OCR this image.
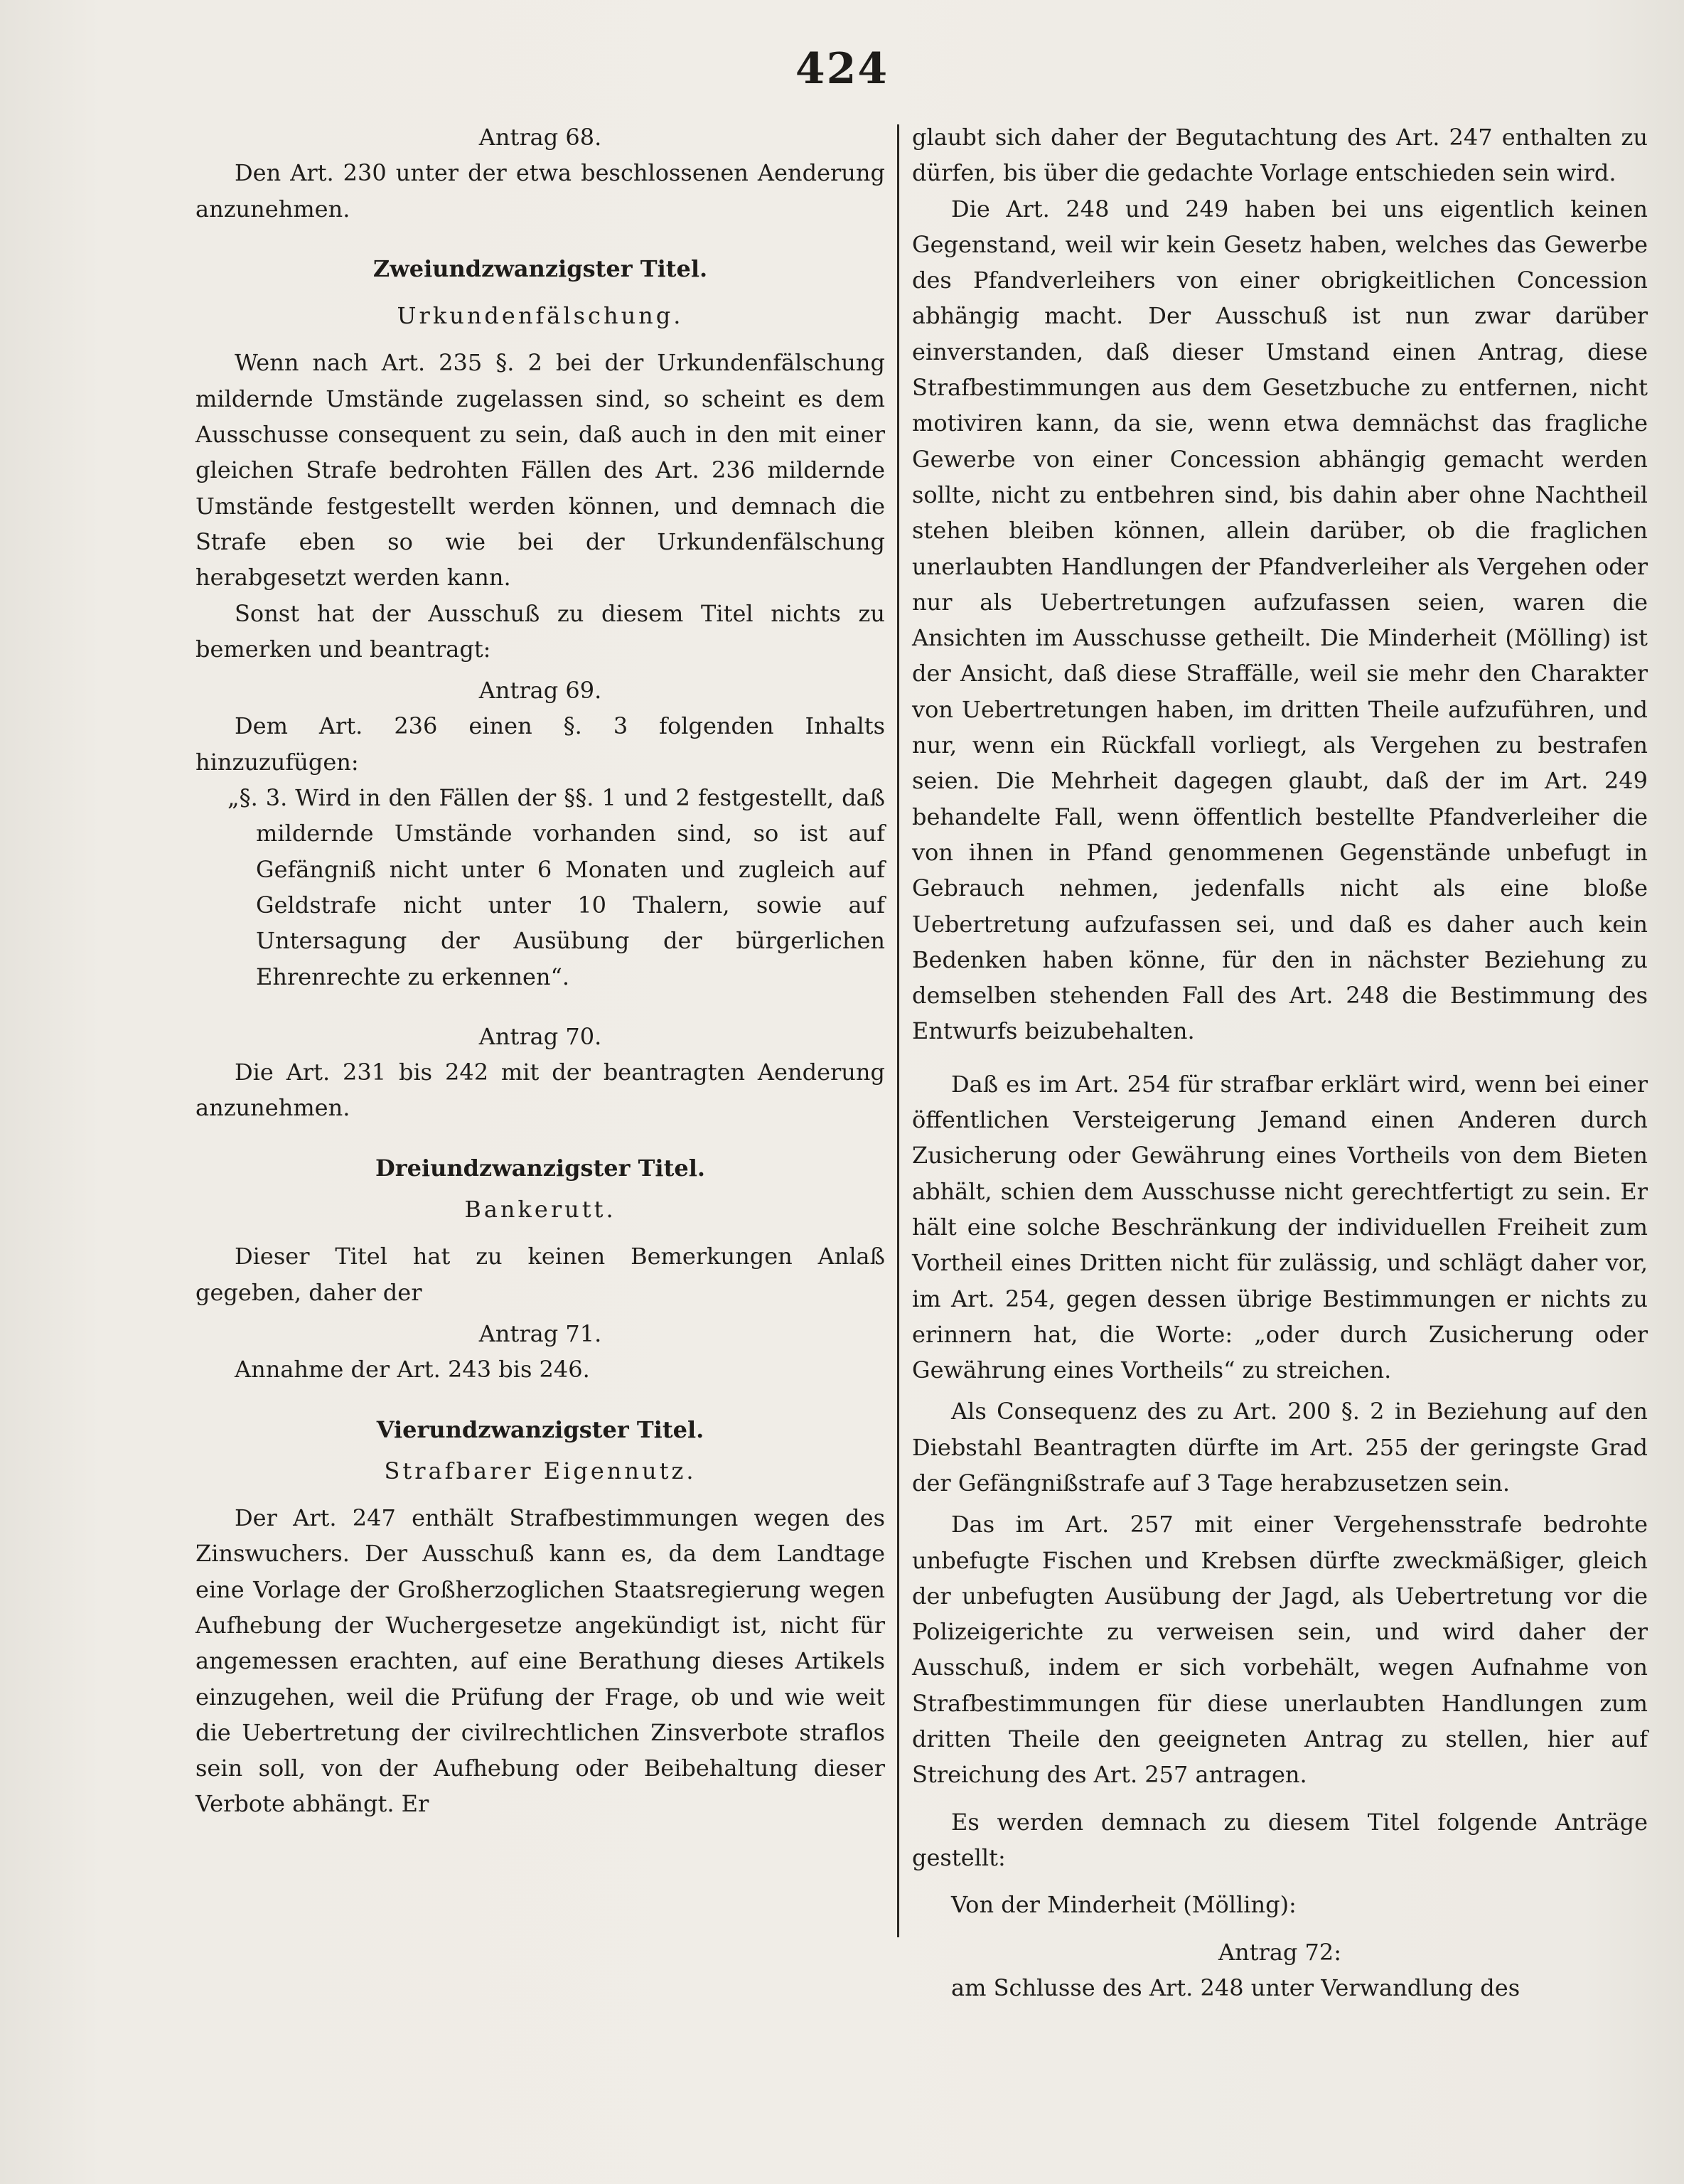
424

Antrag 68.

Den Art. 230 unter der etwa beschlossenen Aenderung anzunehmen.

Zweiundzwanzigster Titel.

Urkundenfälschung.

Wenn nach Art. 235 §. 2 bei der Urkundenfälschung mildernde Umstände zugelassen sind, so scheint es dem Ausschusse consequent zu sein, daß auch in den mit einer gleichen Strafe bedrohten Fällen des Art. 236 mildernde Umstände festgestellt werden können, und demnach die Strafe eben so wie bei der Urkundenfälschung herabgesetzt werden kann.

Sonst hat der Ausschuß zu diesem Titel nichts zu bemerken und beantragt:

Antrag 69.

Dem Art. 236 einen §. 3 folgenden Inhalts hinzuzufügen:

„§. 3. Wird in den Fällen der §§. 1 und 2 festgestellt, daß mildernde Umstände vorhanden sind, so ist auf Gefängniß nicht unter 6 Monaten und zugleich auf Geldstrafe nicht unter 10 Thalern, sowie auf Untersagung der Ausübung der bürgerlichen Ehrenrechte zu erkennen“.

Antrag 70.

Die Art. 231 bis 242 mit der beantragten Aenderung anzunehmen.

Dreiundzwanzigster Titel.

Bankerutt.

Dieser Titel hat zu keinen Bemerkungen Anlaß gegeben, daher der

Antrag 71.

Annahme der Art. 243 bis 246.

Vierundzwanzigster Titel.

Strafbarer Eigennutz.

Der Art. 247 enthält Strafbestimmungen wegen des Zinswuchers. Der Ausschuß kann es, da dem Landtage eine Vorlage der Großherzoglichen Staatsregierung wegen Aufhebung der Wuchergesetze angekündigt ist, nicht für angemessen erachten, auf eine Berathung dieses Artikels einzugehen, weil die Prüfung der Frage, ob und wie weit die Uebertretung der civilrechtlichen Zinsverbote straflos sein soll, von der Aufhebung oder Beibehaltung dieser Verbote abhängt. Er

glaubt sich daher der Begutachtung des Art. 247 enthalten zu dürfen, bis über die gedachte Vorlage entschieden sein wird.

Die Art. 248 und 249 haben bei uns eigentlich keinen Gegenstand, weil wir kein Gesetz haben, welches das Gewerbe des Pfandverleihers von einer obrigkeitlichen Concession abhängig macht. Der Ausschuß ist nun zwar darüber einverstanden, daß dieser Umstand einen Antrag, diese Strafbestimmungen aus dem Gesetzbuche zu entfernen, nicht motiviren kann, da sie, wenn etwa demnächst das fragliche Gewerbe von einer Concession abhängig gemacht werden sollte, nicht zu entbehren sind, bis dahin aber ohne Nachtheil stehen bleiben können, allein darüber, ob die fraglichen unerlaubten Handlungen der Pfandverleiher als Vergehen oder nur als Uebertretungen aufzufassen seien, waren die Ansichten im Ausschusse getheilt. Die Minderheit (Mölling) ist der Ansicht, daß diese Straffälle, weil sie mehr den Charakter von Uebertretungen haben, im dritten Theile aufzuführen, und nur, wenn ein Rückfall vorliegt, als Vergehen zu bestrafen seien. Die Mehrheit dagegen glaubt, daß der im Art. 249 behandelte Fall, wenn öffentlich bestellte Pfandverleiher die von ihnen in Pfand genommenen Gegenstände unbefugt in Gebrauch nehmen, jedenfalls nicht als eine bloße Uebertretung aufzufassen sei, und daß es daher auch kein Bedenken haben könne, für den in nächster Beziehung zu demselben stehenden Fall des Art. 248 die Bestimmung des Entwurfs beizubehalten.

Daß es im Art. 254 für strafbar erklärt wird, wenn bei einer öffentlichen Versteigerung Jemand einen Anderen durch Zusicherung oder Gewährung eines Vortheils von dem Bieten abhält, schien dem Ausschusse nicht gerechtfertigt zu sein. Er hält eine solche Beschränkung der individuellen Freiheit zum Vortheil eines Dritten nicht für zulässig, und schlägt daher vor, im Art. 254, gegen dessen übrige Bestimmungen er nichts zu erinnern hat, die Worte: „oder durch Zusicherung oder Gewährung eines Vortheils“ zu streichen.

Als Consequenz des zu Art. 200 §. 2 in Beziehung auf den Diebstahl Beantragten dürfte im Art. 255 der geringste Grad der Gefängnißstrafe auf 3 Tage herabzusetzen sein.

Das im Art. 257 mit einer Vergehensstrafe bedrohte unbefugte Fischen und Krebsen dürfte zweckmäßiger, gleich der unbefugten Ausübung der Jagd, als Uebertretung vor die Polizeigerichte zu verweisen sein, und wird daher der Ausschuß, indem er sich vorbehält, wegen Aufnahme von Strafbestimmungen für diese unerlaubten Handlungen zum dritten Theile den geeigneten Antrag zu stellen, hier auf Streichung des Art. 257 antragen.

Es werden demnach zu diesem Titel folgende Anträge gestellt:

Von der Minderheit (Mölling):

Antrag 72:

am Schlusse des Art. 248 unter Verwandlung des
